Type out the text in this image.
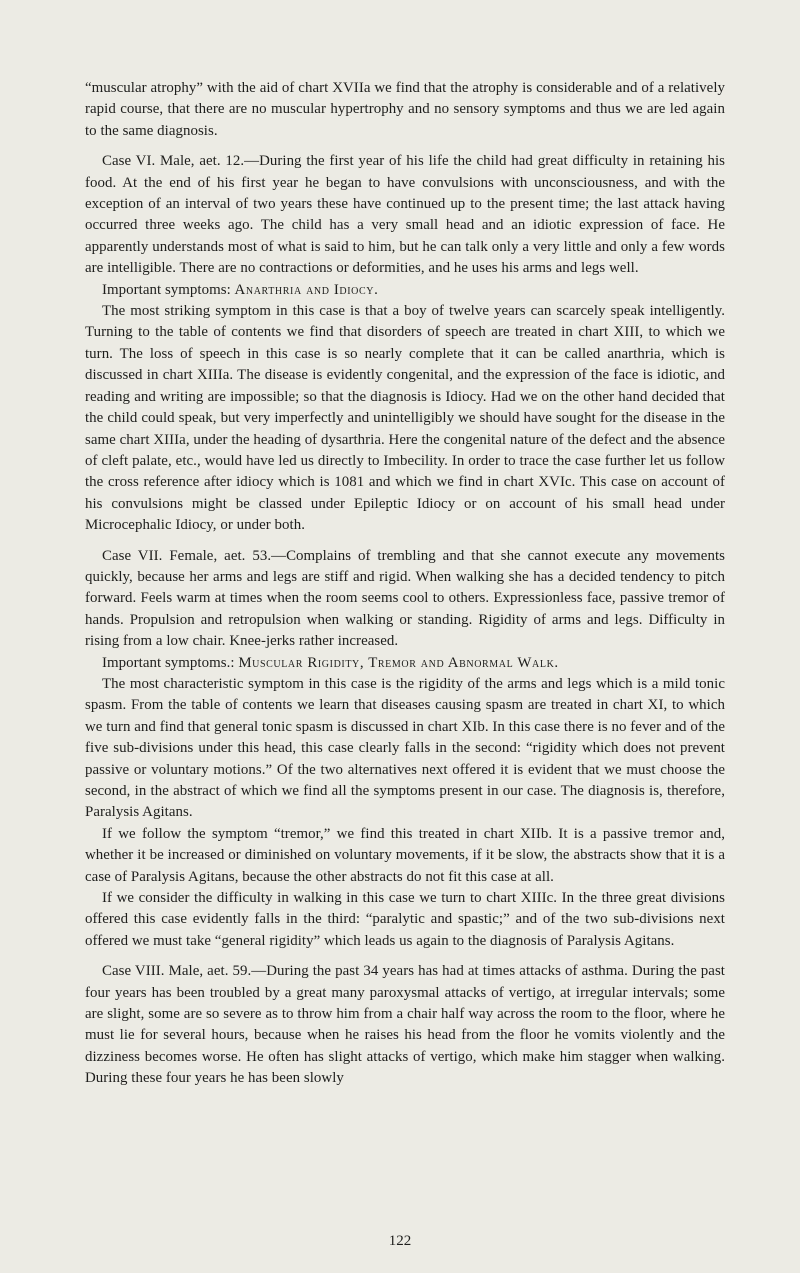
“muscular atrophy” with the aid of chart XVIIa we find that the atrophy is considerable and of a relatively rapid course, that there are no muscular hypertrophy and no sensory symptoms and thus we are led again to the same diagnosis.

Case VI. Male, aet. 12.—During the first year of his life the child had great difficulty in retaining his food. At the end of his first year he began to have convulsions with unconsciousness, and with the exception of an interval of two years these have continued up to the present time; the last attack having occurred three weeks ago. The child has a very small head and an idiotic expression of face. He apparently understands most of what is said to him, but he can talk only a very little and only a few words are intelligible. There are no contractions or deformities, and he uses his arms and legs well.

Important symptoms: Anarthria and Idiocy.

The most striking symptom in this case is that a boy of twelve years can scarcely speak intelligently. Turning to the table of contents we find that disorders of speech are treated in chart XIII, to which we turn. The loss of speech in this case is so nearly complete that it can be called anarthria, which is discussed in chart XIIIa. The disease is evidently congenital, and the expression of the face is idiotic, and reading and writing are impossible; so that the diagnosis is Idiocy. Had we on the other hand decided that the child could speak, but very imperfectly and unintelligibly we should have sought for the disease in the same chart XIIIa, under the heading of dysarthria. Here the congenital nature of the defect and the absence of cleft palate, etc., would have led us directly to Imbecility. In order to trace the case further let us follow the cross reference after idiocy which is 1081 and which we find in chart XVIc. This case on account of his convulsions might be classed under Epileptic Idiocy or on account of his small head under Microcephalic Idiocy, or under both.

Case VII. Female, aet. 53.—Complains of trembling and that she cannot execute any movements quickly, because her arms and legs are stiff and rigid. When walking she has a decided tendency to pitch forward. Feels warm at times when the room seems cool to others. Expressionless face, passive tremor of hands. Propulsion and retropulsion when walking or standing. Rigidity of arms and legs. Difficulty in rising from a low chair. Knee-jerks rather increased.

Important symptoms.: Muscular Rigidity, Tremor and Abnormal Walk.

The most characteristic symptom in this case is the rigidity of the arms and legs which is a mild tonic spasm. From the table of contents we learn that diseases causing spasm are treated in chart XI, to which we turn and find that general tonic spasm is discussed in chart XIb. In this case there is no fever and of the five sub-divisions under this head, this case clearly falls in the second: “rigidity which does not prevent passive or voluntary motions.” Of the two alternatives next offered it is evident that we must choose the second, in the abstract of which we find all the symptoms present in our case. The diagnosis is, therefore, Paralysis Agitans.

If we follow the symptom “tremor,” we find this treated in chart XIIb. It is a passive tremor and, whether it be increased or diminished on voluntary movements, if it be slow, the abstracts show that it is a case of Paralysis Agitans, because the other abstracts do not fit this case at all.

If we consider the difficulty in walking in this case we turn to chart XIIIc. In the three great divisions offered this case evidently falls in the third: “paralytic and spastic;” and of the two sub-divisions next offered we must take “general rigidity” which leads us again to the diagnosis of Paralysis Agitans.

Case VIII. Male, aet. 59.—During the past 34 years has had at times attacks of asthma. During the past four years has been troubled by a great many paroxysmal attacks of vertigo, at irregular intervals; some are slight, some are so severe as to throw him from a chair half way across the room to the floor, where he must lie for several hours, because when he raises his head from the floor he vomits violently and the dizziness becomes worse. He often has slight attacks of vertigo, which make him stagger when walking. During these four years he has been slowly

122
